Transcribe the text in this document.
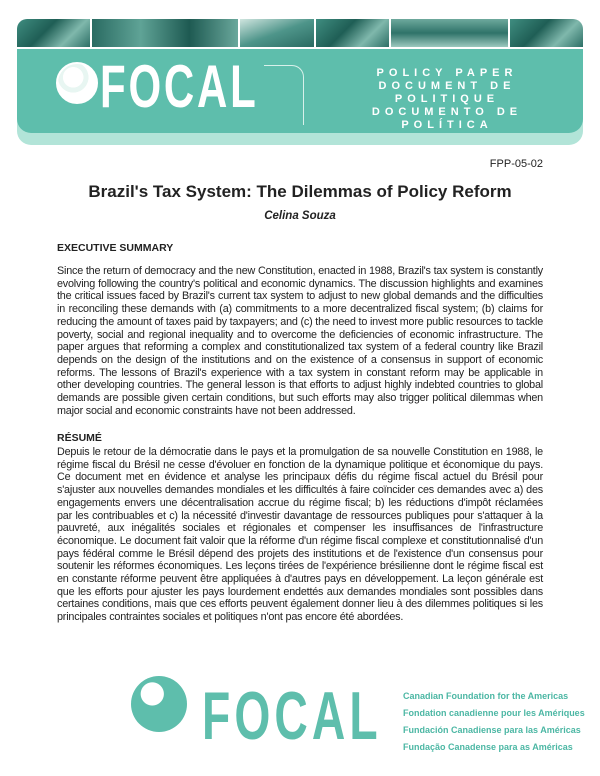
FOCAL	POLICY PAPER
DOCUMENT DE POLITIQUE
DOCUMENTO DE POLÍTICA
FPP-05-02
Brazil's Tax System: The Dilemmas of Policy Reform
Celina Souza
EXECUTIVE SUMMARY
Since the return of democracy and the new Constitution, enacted in 1988, Brazil's tax system is constantly evolving following the country's political and economic dynamics. The discussion highlights and examines the critical issues faced by Brazil's current tax system to adjust to new global demands and the difficulties in reconciling these demands with (a) commitments to a more decentralized fiscal system; (b) claims for reducing the amount of taxes paid by taxpayers; and (c) the need to invest more public resources to tackle poverty, social and regional inequality and to overcome the deficiencies of economic infrastructure. The paper argues that reforming a complex and constitutionalized tax system of a federal country like Brazil depends on the design of the institutions and on the existence of a consensus in support of economic reforms. The lessons of Brazil's experience with a tax system in constant reform may be applicable in other developing countries. The general lesson is that efforts to adjust highly indebted countries to global demands are possible given certain conditions, but such efforts may also trigger political dilemmas when major social and economic constraints have not been addressed.
RÉSUMÉ
Depuis le retour de la démocratie dans le pays et la promulgation de sa nouvelle Constitution en 1988, le régime fiscal du Brésil ne cesse d'évoluer en fonction de la dynamique politique et économique du pays. Ce document met en évidence et analyse les principaux défis du régime fiscal actuel du Brésil pour s'ajuster aux nouvelles demandes mondiales et les difficultés à faire coïncider ces demandes avec a) des engagements envers une décentralisation accrue du régime fiscal; b) les réductions d'impôt réclamées par les contribuables et c) la nécessité d'investir davantage de ressources publiques pour s'attaquer à la pauvreté, aux inégalités sociales et régionales et compenser les insuffisances de l'infrastructure économique. Le document fait valoir que la réforme d'un régime fiscal complexe et constitutionnalisé d'un pays fédéral comme le Brésil dépend des projets des institutions et de l'existence d'un consensus pour soutenir les réformes économiques. Les leçons tirées de l'expérience brésilienne dont le régime fiscal est en constante réforme peuvent être appliquées à d'autres pays en développement. La leçon générale est que les efforts pour ajuster les pays lourdement endettés aux demandes mondiales sont possibles dans certaines conditions, mais que ces efforts peuvent également donner lieu à des dilemmes politiques si les principales contraintes sociales et politiques n'ont pas encore été abordées.
FOCAL Canadian Foundation for the Americas
Fondation canadienne pour les Amériques
Fundación Canadiense para las Américas
Fundação Canadense para as Américas
